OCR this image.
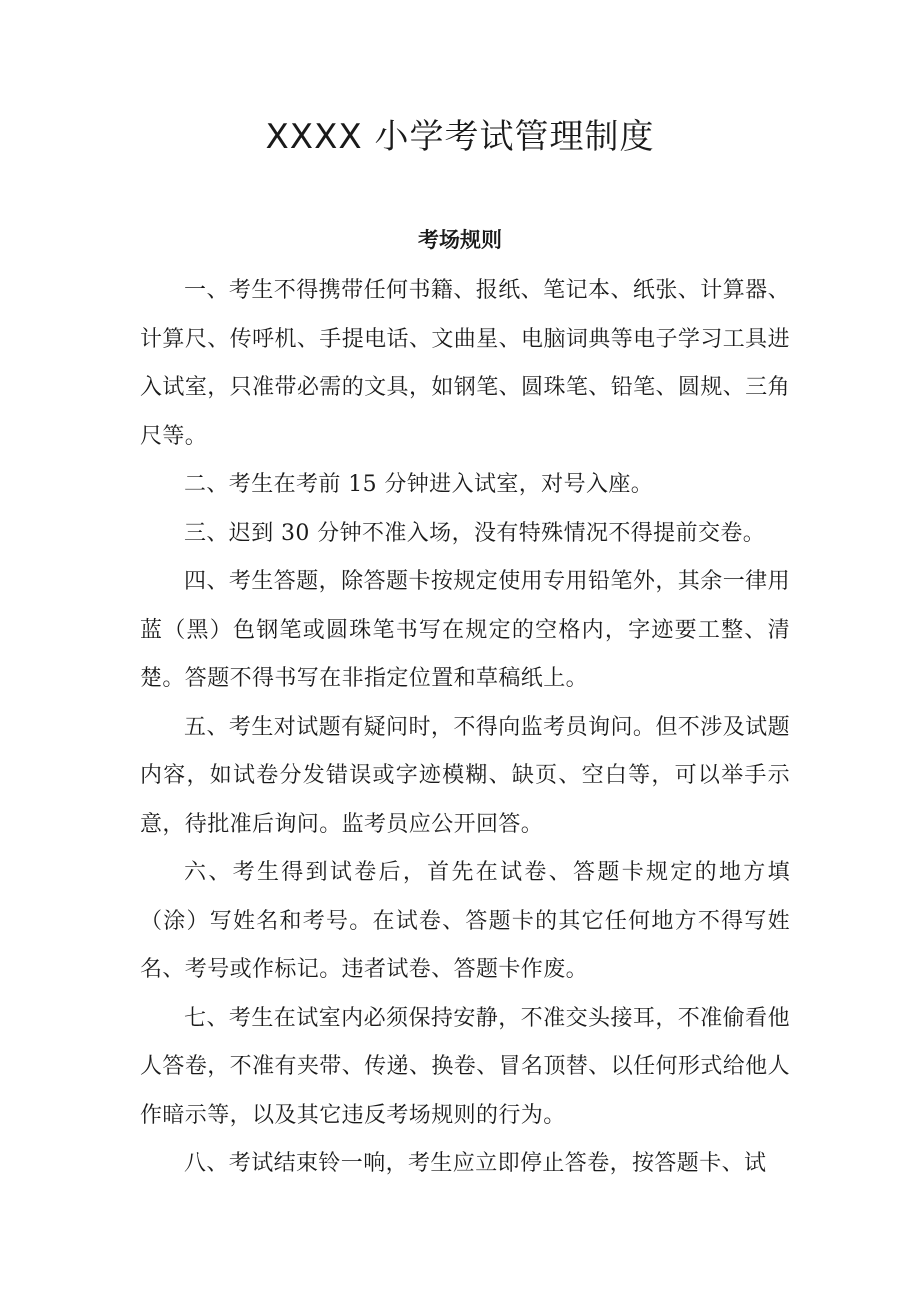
XXXX 小学考试管理制度
考场规则

一、考生不得携带任何书籍、报纸、笔记本、纸张、计算器、计算尺、传呼机、手提电话、文曲星、电脑词典等电子学习工具进入试室，只准带必需的文具，如钢笔、圆珠笔、铅笔、圆规、三角尺等。

二、考生在考前 15 分钟进入试室，对号入座。

三、迟到 30 分钟不准入场，没有特殊情况不得提前交卷。

四、考生答题，除答题卡按规定使用专用铅笔外，其余一律用蓝（黑）色钢笔或圆珠笔书写在规定的空格内，字迹要工整、清楚。答题不得书写在非指定位置和草稿纸上。

五、考生对试题有疑问时，不得向监考员询问。但不涉及试题内容，如试卷分发错误或字迹模糊、缺页、空白等，可以举手示意，待批准后询问。监考员应公开回答。

六、考生得到试卷后，首先在试卷、答题卡规定的地方填（涂）写姓名和考号。在试卷、答题卡的其它任何地方不得写姓名、考号或作标记。违者试卷、答题卡作废。

七、考生在试室内必须保持安静，不准交头接耳，不准偷看他人答卷，不准有夹带、传递、换卷、冒名顶替、以任何形式给他人作暗示等，以及其它违反考场规则的行为。

八、考试结束铃一响，考生应立即停止答卷，按答题卡、试
